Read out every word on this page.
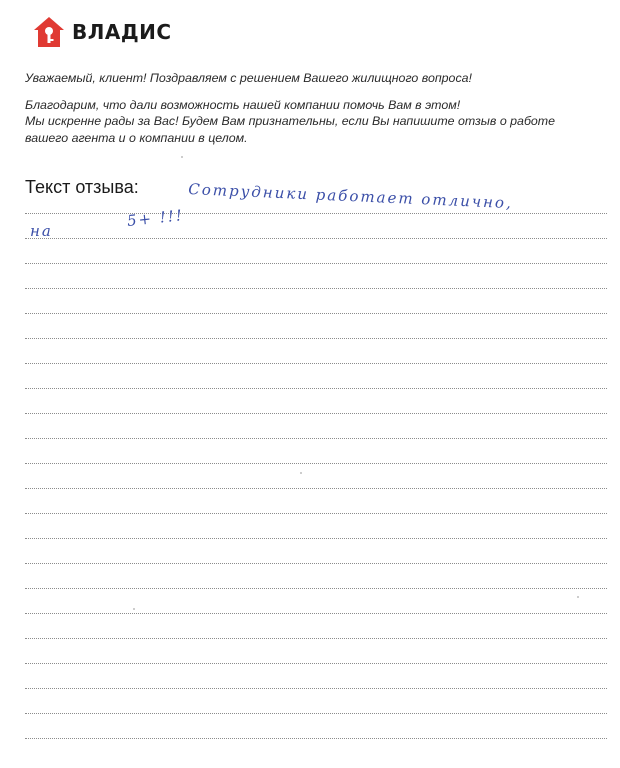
ВЛАДИС

Уважаемый, клиент! Поздравляем с решением Вашего жилищного вопроса!

Благодарим, что дали возможность нашей компании помочь Вам в этом!

Мы искренне рады за Вас! Будем Вам признательны, если Вы напишите отзыв о работе

вашего агента и о компании в целом.

Текст отзыва:	Сотрудники работает отлично,
на
5+ !!!
